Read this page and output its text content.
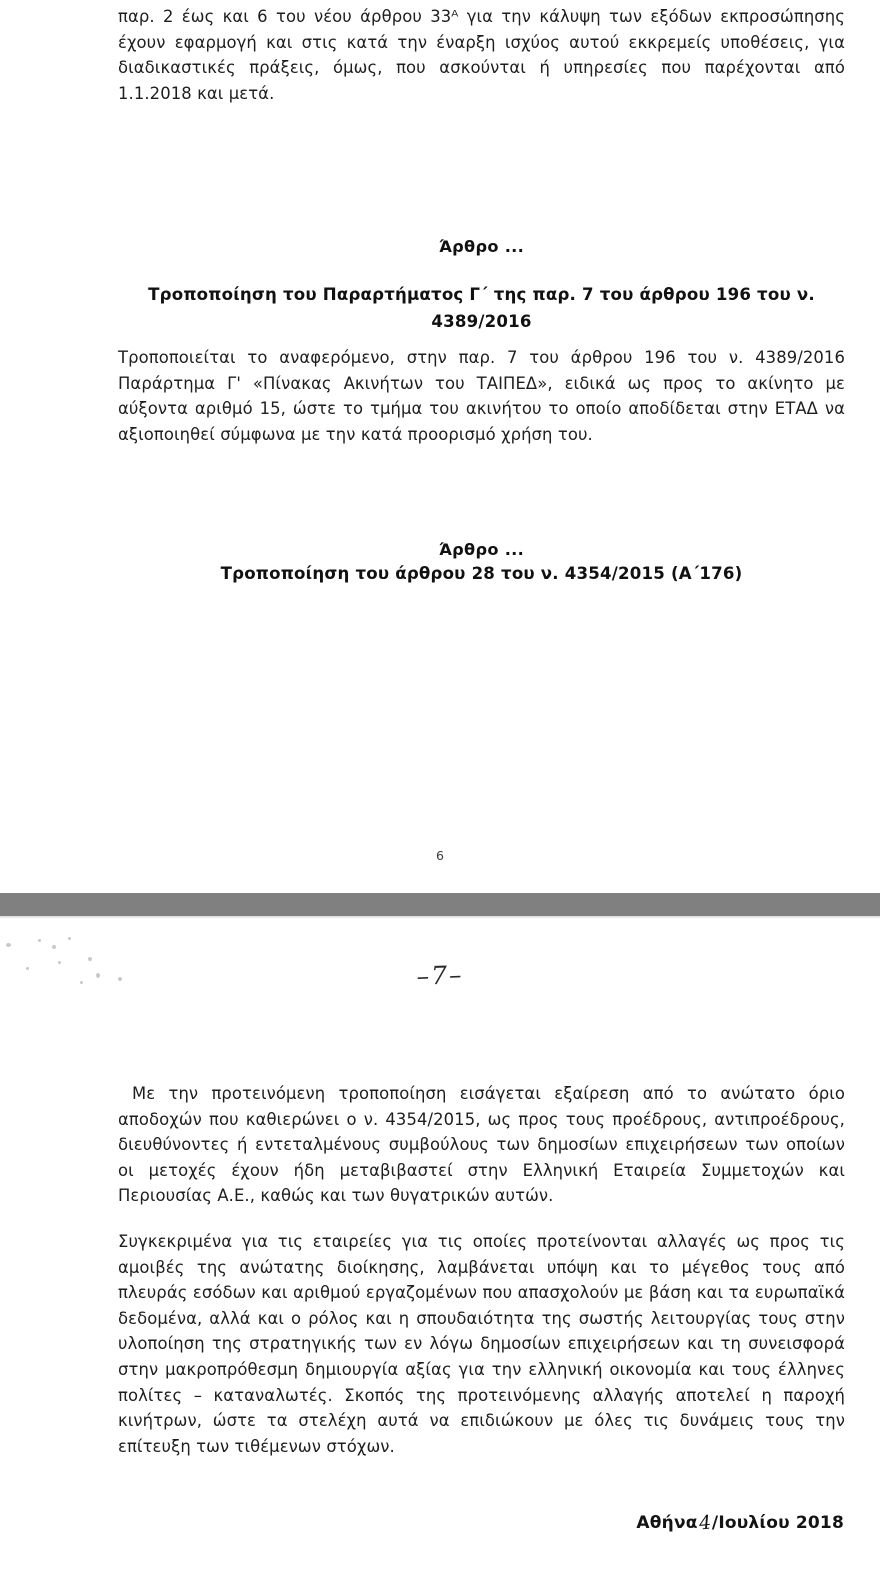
παρ. 2 έως και 6 του νέου άρθρου 33ᴬ για την κάλυψη των εξόδων εκπροσώπησης έχουν εφαρμογή και στις κατά την έναρξη ισχύος αυτού εκκρεμείς υποθέσεις, για διαδικαστικές πράξεις, όμως, που ασκούνται ή υπηρεσίες που παρέχονται από 1.1.2018 και μετά.

Άρθρο ...
Τροποποίηση του Παραρτήματος Γ΄ της παρ. 7 του άρθρου 196 του ν.
4389/2016

Τροποποιείται το αναφερόμενο, στην παρ. 7 του άρθρου 196 του ν. 4389/2016 Παράρτημα Γ' «Πίνακας Ακινήτων του ΤΑΙΠΕΔ», ειδικά ως προς το ακίνητο με αύξοντα αριθμό 15, ώστε το τμήμα του ακινήτου το οποίο αποδίδεται στην ΕΤΑΔ να αξιοποιηθεί σύμφωνα με την κατά προορισμό χρήση του.

Άρθρο ...
Τροποποίηση του άρθρου 28 του ν. 4354/2015 (Α΄176)
6
–7–

Με την προτεινόμενη τροποποίηση εισάγεται εξαίρεση από το ανώτατο όριο αποδοχών που καθιερώνει ο ν. 4354/2015, ως προς τους προέδρους, αντιπροέδρους, διευθύνοντες ή εντεταλμένους συμβούλους των δημοσίων επιχειρήσεων των οποίων οι μετοχές έχουν ήδη μεταβιβαστεί στην Ελληνική Εταιρεία Συμμετοχών και Περιουσίας Α.Ε., καθώς και των θυγατρικών αυτών.

Συγκεκριμένα για τις εταιρείες για τις οποίες προτείνονται αλλαγές ως προς τις αμοιβές της ανώτατης διοίκησης, λαμβάνεται υπόψη και το μέγεθος τους από πλευράς εσόδων και αριθμού εργαζομένων που απασχολούν με βάση και τα ευρωπαϊκά δεδομένα, αλλά και ο ρόλος και η σπουδαιότητα της σωστής λειτουργίας τους στην υλοποίηση της στρατηγικής των εν λόγω δημοσίων επιχειρήσεων και τη συνεισφορά στην μακροπρόθεσμη δημιουργία αξίας για την ελληνική οικονομία και τους έλληνες πολίτες – καταναλωτές. Σκοπός της προτεινόμενης αλλαγής αποτελεί η παροχή κινήτρων, ώστε τα στελέχη αυτά να επιδιώκουν με όλες τις δυνάμεις τους την επίτευξη των τιθέμενων στόχων.

Αθήνα4/Ιουλίου 2018
